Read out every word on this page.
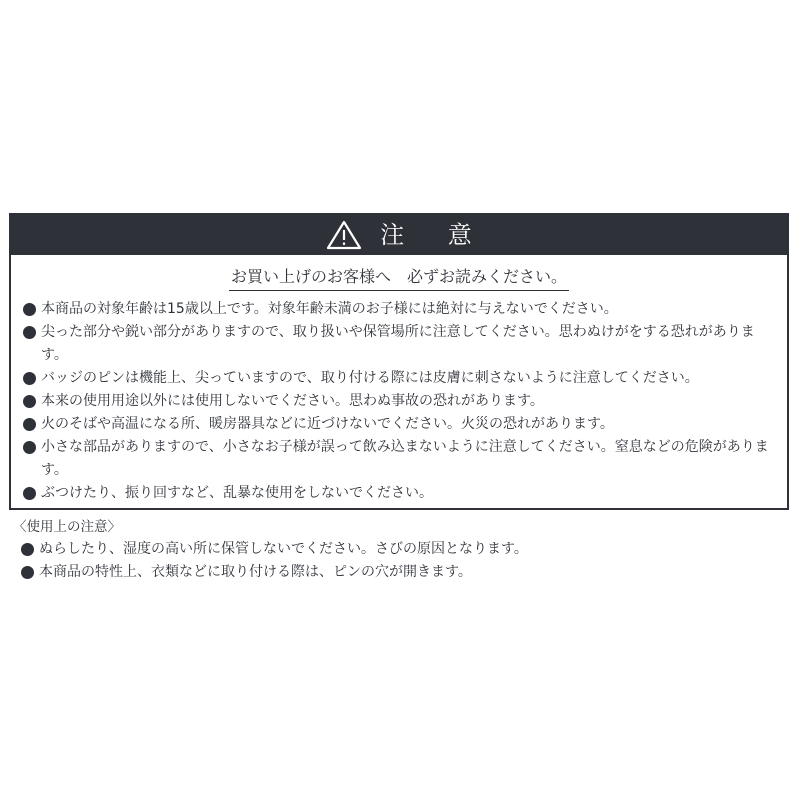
注 意
お買い上げのお客様へ　必ずお読みください。
本商品の対象年齢は15歳以上です。対象年齢未満のお子様には絶対に与えないでください。
尖った部分や鋭い部分がありますので、取り扱いや保管場所に注意してください。思わぬけがをする恐れがあります。
バッジのピンは機能上、尖っていますので、取り付ける際には皮膚に刺さないように注意してください。
本来の使用用途以外には使用しないでください。思わぬ事故の恐れがあります。
火のそばや高温になる所、暖房器具などに近づけないでください。火災の恐れがあります。
小さな部品がありますので、小さなお子様が誤って飲み込まないように注意してください。窒息などの危険があります。
ぶつけたり、振り回すなど、乱暴な使用をしないでください。
〈使用上の注意〉
ぬらしたり、湿度の高い所に保管しないでください。さびの原因となります。
本商品の特性上、衣類などに取り付ける際は、ピンの穴が開きます。
